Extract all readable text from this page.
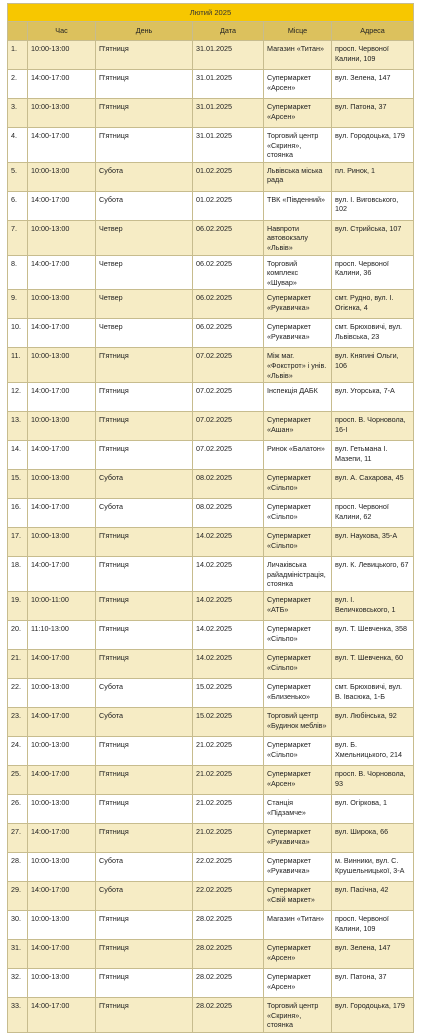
Лютий 2025
	Час	День	Дата	Місце	Адреса
1.	10:00-13:00	П'ятниця	31.01.2025	Магазин «Титан»	просп. Червоної Калини, 109
2.	14:00-17:00	П'ятниця	31.01.2025	Супермаркет «Арсен»	вул. Зелена, 147
3.	10:00-13:00	П'ятниця	31.01.2025	Супермаркет «Арсен»	вул. Патона, 37
4.	14:00-17:00	П'ятниця	31.01.2025	Торговий центр «Скриня», стоянка	вул. Городоцька, 179
5.	10:00-13:00	Субота	01.02.2025	Львівська міська рада	пл. Ринок, 1
6.	14:00-17:00	Субота	01.02.2025	ТВК «Південний»	вул. І. Виговського, 102
7.	10:00-13:00	Четвер	06.02.2025	Навпроти автовокзалу «Львів»	вул. Стрийська, 107
8.	14:00-17:00	Четвер	06.02.2025	Торговий комплекс «Шувар»	просп. Червоної Калини, 36
9.	10:00-13:00	Четвер	06.02.2025	Супермаркет «Рукавичка»	смт. Рудно, вул. І. Огієнка, 4
10.	14:00-17:00	Четвер	06.02.2025	Супермаркет «Рукавичка»	смт. Брюховичі, вул. Львівська, 23
11.	10:00-13:00	П'ятниця	07.02.2025	Між маг. «Фокстрот» і унів. «Львів»	вул. Княгині Ольги, 106
12.	14:00-17:00	П'ятниця	07.02.2025	Інспекція ДАБК	вул. Угорська, 7-А
13.	10:00-13:00	П'ятниця	07.02.2025	Супермаркет «Ашан»	просп. В. Чорновола, 16-І
14.	14:00-17:00	П'ятниця	07.02.2025	Ринок «Балатон»	вул. Гетьмана І. Мазепи, 11
15.	10:00-13:00	Субота	08.02.2025	Супермаркет «Сільпо»	вул. А. Сахарова, 45
16.	14:00-17:00	Субота	08.02.2025	Супермаркет «Сільпо»	просп. Червоної Калини, 62
17.	10:00-13:00	П'ятниця	14.02.2025	Супермаркет «Сільпо»	вул. Наукова, 35-А
18.	14:00-17:00	П'ятниця	14.02.2025	Личаківська райадміністрація, стоянка	вул. К. Левицького, 67
19.	10:00-11:00	П'ятниця	14.02.2025	Супермаркет «АТБ»	вул. І. Величковського, 1
20.	11:10-13:00	П'ятниця	14.02.2025	Супермаркет «Сільпо»	вул. Т. Шевченка, 358
21.	14:00-17:00	П'ятниця	14.02.2025	Супермаркет «Сільпо»	вул. Т. Шевченка, 60
22.	10:00-13:00	Субота	15.02.2025	Супермаркет «Близенько»	смт. Брюховичі, вул. В. Івасюка, 1-Б
23.	14:00-17:00	Субота	15.02.2025	Торговий центр «Будинок меблів»	вул. Любінська, 92
24.	10:00-13:00	П'ятниця	21.02.2025	Супермаркет «Сільпо»	вул. Б. Хмельницького, 214
25.	14:00-17:00	П'ятниця	21.02.2025	Супермаркет «Арсен»	просп. В. Чорновола, 93
26.	10:00-13:00	П'ятниця	21.02.2025	Станція «Підзамче»	вул. Огіркова, 1
27.	14:00-17:00	П'ятниця	21.02.2025	Супермаркет «Рукавичка»	вул. Широка, 66
28.	10:00-13:00	Субота	22.02.2025	Супермаркет «Рукавичка»	м. Винники, вул. С. Крушельницької, 3-А
29.	14:00-17:00	Субота	22.02.2025	Супермаркет «Свій маркет»	вул. Пасічна, 42
30.	10:00-13:00	П'ятниця	28.02.2025	Магазин «Титан»	просп. Червоної Калини, 109
31.	14:00-17:00	П'ятниця	28.02.2025	Супермаркет «Арсен»	вул. Зелена, 147
32.	10:00-13:00	П'ятниця	28.02.2025	Супермаркет «Арсен»	вул. Патона, 37
33.	14:00-17:00	П'ятниця	28.02.2025	Торговий центр «Скриня», стоянка	вул. Городоцька, 179
